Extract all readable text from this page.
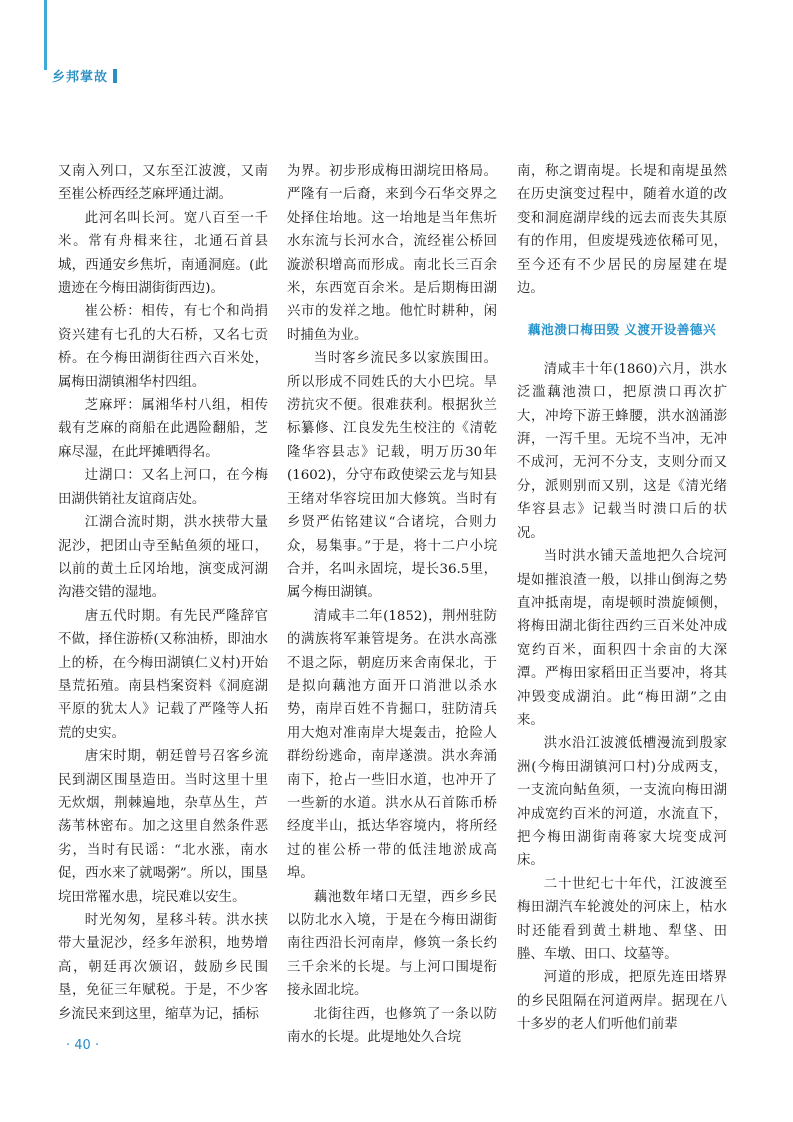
乡邦掌故

又南入列口，又东至江波渡，又南至崔公桥西经芝麻坪通辻湖。

此河名叫长河。宽八百至一千米。常有舟楫来往，北通石首县城，西通安乡焦圻，南通洞庭。(此遗迹在今梅田湖街街西边)。

崔公桥：相传，有七个和尚捐资兴建有七孔的大石桥，又名七贡桥。在今梅田湖街往西六百米处，属梅田湖镇湘华村四组。

芝麻坪：属湘华村八组，相传载有芝麻的商船在此遇险翻船，芝麻尽湿，在此坪摊晒得名。

辻湖口：又名上河口，在今梅田湖供销社友谊商店处。

江湖合流时期，洪水挟带大量泥沙，把团山寺至鲇鱼须的垭口，以前的黄土丘冈坮地，演变成河湖沟港交错的湿地。

唐五代时期。有先民严隆辞官不做，择住游桥(又称油桥，即油水上的桥，在今梅田湖镇仁义村)开始垦荒拓殖。南县档案资料《洞庭湖平原的犹太人》记载了严隆等人拓荒的史实。

唐宋时期，朝廷曾号召客乡流民到湖区围垦造田。当时这里十里无炊烟，荆棘遍地，杂草丛生，芦荡苇林密布。加之这里自然条件恶劣，当时有民谣：“北水涨，南水促，西水来了就喝粥”。所以，围垦垸田常罹水患，垸民难以安生。

时光匆匆，星移斗转。洪水挟带大量泥沙，经多年淤积，地势增高，朝廷再次颁诏，鼓励乡民围垦，免征三年赋税。于是，不少客乡流民来到这里，缩草为记，插标

为界。初步形成梅田湖垸田格局。严隆有一后裔，来到今石华交界之处择住坮地。这一坮地是当年焦圻水东流与长河水合，流经崔公桥回漩淤积增高而形成。南北长三百余米，东西宽百余米。是后期梅田湖兴市的发祥之地。他忙时耕种，闲时捕鱼为业。

当时客乡流民多以家族围田。所以形成不同姓氏的大小巴垸。旱涝抗灾不便。很难获利。根据狄兰标纂修、江良发先生校注的《清乾隆华容县志》记载，明万历30年(1602)，分守布政使梁云龙与知县王绪对华容垸田加大修筑。当时有乡贤严佑铭建议“合诸垸，合则力众，易集事。”于是，将十二户小垸合并，名叫永固垸，堤长36.5里，属今梅田湖镇。

清咸丰二年(1852)，荆州驻防的满族将军兼管堤务。在洪水高涨不退之际，朝庭历来舍南保北，于是拟向藕池方面开口消泄以杀水势，南岸百姓不肯掘口，驻防清兵用大炮对准南岸大堤轰击，抢险人群纷纷逃命，南岸遂溃。洪水奔涌南下，抢占一些旧水道，也冲开了一些新的水道。洪水从石首陈币桥经度半山，抵达华容境内，将所经过的崔公桥一带的低洼地淤成高埠。

藕池数年堵口无望，西乡乡民以防北水入境，于是在今梅田湖街南往西沿长河南岸，修筑一条长约三千余米的长堤。与上河口围堤衔接永固北垸。

北街往西，也修筑了一条以防南水的长堤。此堤地处久合垸

南，称之谓南堤。长堤和南堤虽然在历史演变过程中，随着水道的改变和洞庭湖岸线的远去而丧失其原有的作用，但废堤残迹依稀可见，至今还有不少居民的房屋建在堤边。

藕池溃口梅田毁 义渡开设善德兴

清咸丰十年(1860)六月，洪水泛滥藕池溃口，把原溃口再次扩大，冲垮下游王蜂腰，洪水汹涌澎湃，一泻千里。无垸不当冲，无冲不成河，无河不分支，支则分而又分，派则别而又别，这是《清光绪华容县志》记载当时溃口后的状况。

当时洪水铺天盖地把久合垸河堤如摧浪渣一般，以排山倒海之势直冲抵南堤，南堤顿时溃旋倾侧，将梅田湖北街往西约三百米处冲成宽约百米，面积四十余亩的大深潭。严梅田家稻田正当要冲，将其冲毁变成湖泊。此“梅田湖”之由来。

洪水沿江波渡低槽漫流到殷家洲(今梅田湖镇河口村)分成两支，一支流向鲇鱼须，一支流向梅田湖冲成宽约百米的河道，水流直下，把今梅田湖街南蒋家大垸变成河床。

二十世纪七十年代，江波渡至梅田湖汽车轮渡处的河床上，枯水时还能看到黄土耕地、犁垡、田塍、车墩、田口、坟墓等。

河道的形成，把原先连田塔界的乡民阻隔在河道两岸。据现在八十多岁的老人们听他们前辈

· 40 ·
